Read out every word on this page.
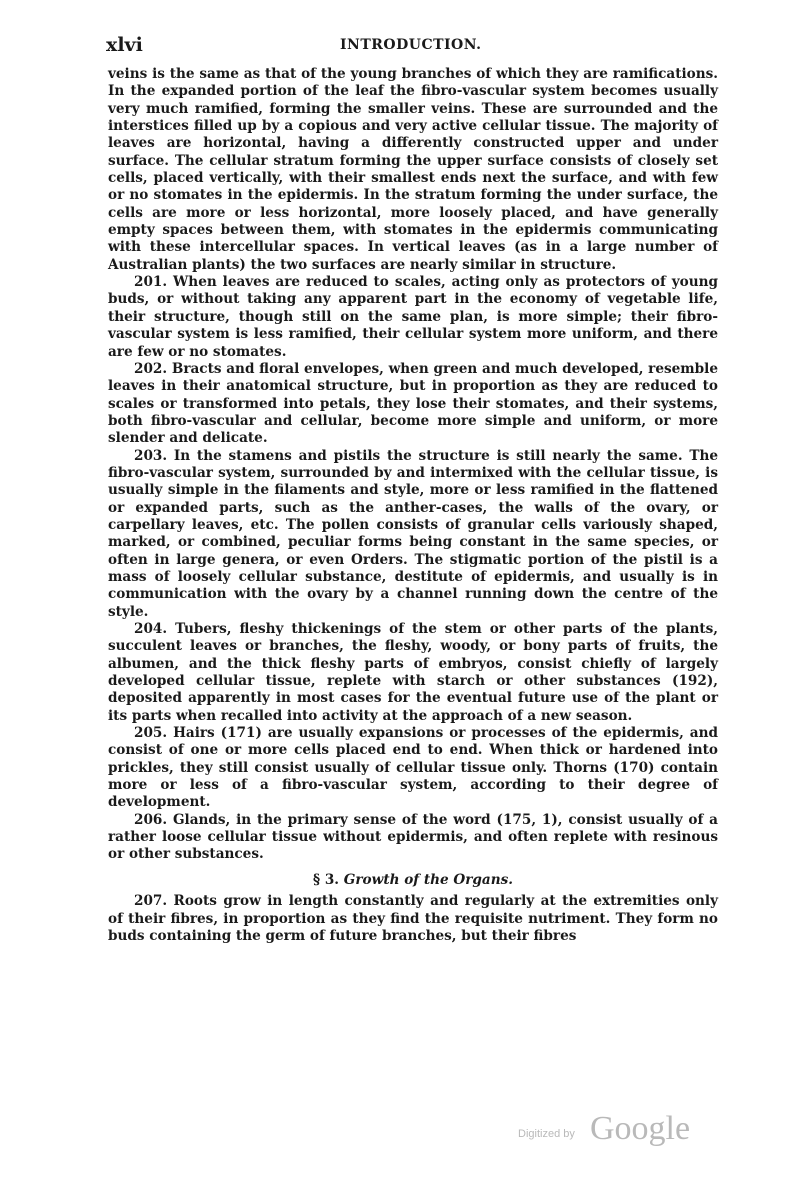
xlvi	INTRODUCTION.

veins is the same as that of the young branches of which they are ramifications. In the expanded portion of the leaf the fibro-vascular system becomes usually very much ramified, forming the smaller veins. These are surrounded and the interstices filled up by a copious and very active cellular tissue. The majority of leaves are horizontal, having a differently constructed upper and under surface. The cellular stratum forming the upper surface consists of closely set cells, placed vertically, with their smallest ends next the surface, and with few or no stomates in the epidermis. In the stratum forming the under surface, the cells are more or less horizontal, more loosely placed, and have generally empty spaces between them, with stomates in the epidermis communicating with these intercellular spaces. In vertical leaves (as in a large number of Australian plants) the two surfaces are nearly similar in structure.

201. When leaves are reduced to scales, acting only as protectors of young buds, or without taking any apparent part in the economy of vegetable life, their structure, though still on the same plan, is more simple; their fibro-vascular system is less ramified, their cellular system more uniform, and there are few or no stomates.

202. Bracts and floral envelopes, when green and much developed, resemble leaves in their anatomical structure, but in proportion as they are reduced to scales or transformed into petals, they lose their stomates, and their systems, both fibro-vascular and cellular, become more simple and uniform, or more slender and delicate.

203. In the stamens and pistils the structure is still nearly the same. The fibro-vascular system, surrounded by and intermixed with the cellular tissue, is usually simple in the filaments and style, more or less ramified in the flattened or expanded parts, such as the anther-cases, the walls of the ovary, or carpellary leaves, etc. The pollen consists of granular cells variously shaped, marked, or combined, peculiar forms being constant in the same species, or often in large genera, or even Orders. The stigmatic portion of the pistil is a mass of loosely cellular substance, destitute of epidermis, and usually is in communication with the ovary by a channel running down the centre of the style.

204. Tubers, fleshy thickenings of the stem or other parts of the plants, succulent leaves or branches, the fleshy, woody, or bony parts of fruits, the albumen, and the thick fleshy parts of embryos, consist chiefly of largely developed cellular tissue, replete with starch or other substances (192), deposited apparently in most cases for the eventual future use of the plant or its parts when recalled into activity at the approach of a new season.

205. Hairs (171) are usually expansions or processes of the epidermis, and consist of one or more cells placed end to end. When thick or hardened into prickles, they still consist usually of cellular tissue only. Thorns (170) contain more or less of a fibro-vascular system, according to their degree of development.

206. Glands, in the primary sense of the word (175, 1), consist usually of a rather loose cellular tissue without epidermis, and often replete with resinous or other substances.

§ 3. Growth of the Organs.

207. Roots grow in length constantly and regularly at the extremities only of their fibres, in proportion as they find the requisite nutriment. They form no buds containing the germ of future branches, but their fibres

Digitized by Google
